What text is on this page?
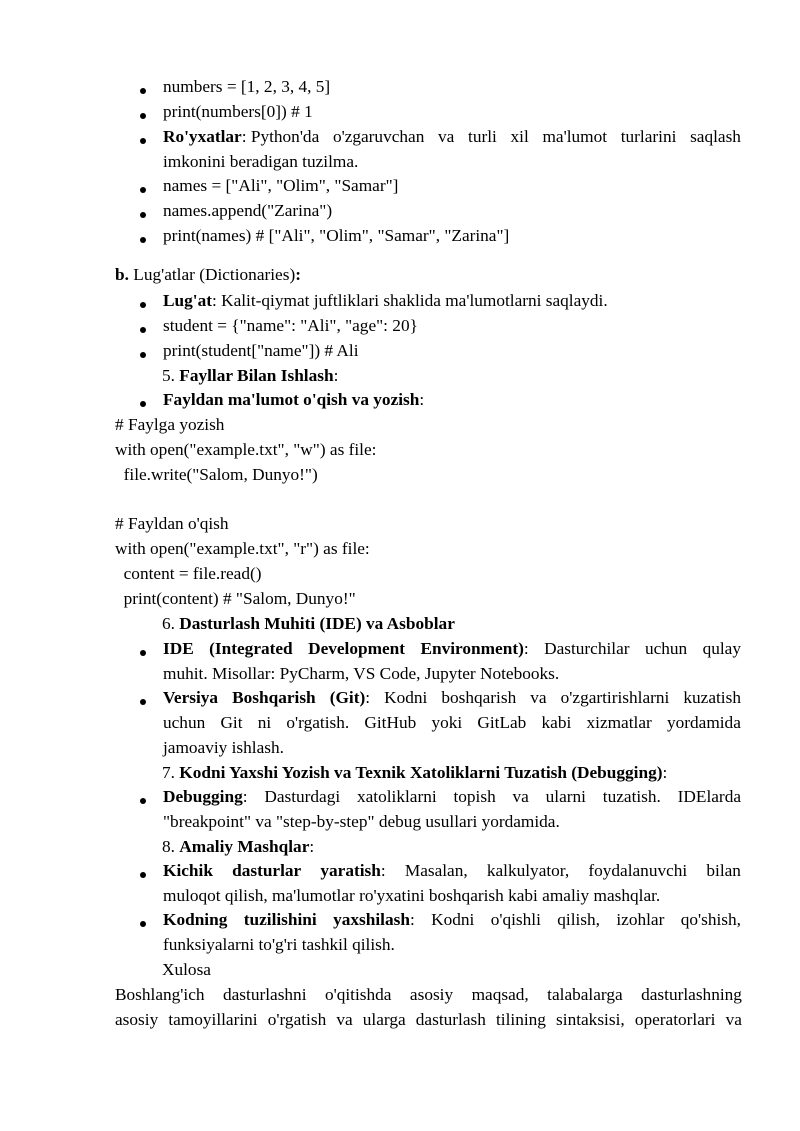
numbers = [1, 2, 3, 4, 5]
print(numbers[0]) # 1
Ro'yxatlar: Python'da o'zgaruvchan va turli xil ma'lumot turlarini saqlash
imkonini beradigan tuzilma.
names = ["Ali", "Olim", "Samar"]
names.append("Zarina")
print(names) # ["Ali", "Olim", "Samar", "Zarina"]
b. Lug'atlar (Dictionaries):
Lug'at: Kalit-qiymat juftliklari shaklida ma'lumotlarni saqlaydi.
student = {"name": "Ali", "age": 20}
print(student["name"]) # Ali
5. Fayllar Bilan Ishlash:
Fayldan ma'lumot o'qish va yozish:
# Faylga yozish
with open("example.txt", "w") as file:
file.write("Salom, Dunyo!")
# Fayldan o'qish
with open("example.txt", "r") as file:
content = file.read()
print(content) # "Salom, Dunyo!"
6. Dasturlash Muhiti (IDE) va Asboblar
IDE (Integrated Development Environment): Dasturchilar uchun qulay
muhit. Misollar: PyCharm, VS Code, Jupyter Notebooks.
Versiya Boshqarish (Git): Kodni boshqarish va o'zgartirishlarni kuzatish
uchun Git ni o'rgatish. GitHub yoki GitLab kabi xizmatlar yordamida
jamoaviy ishlash.
7. Kodni Yaxshi Yozish va Texnik Xatoliklarni Tuzatish (Debugging):
Debugging: Dasturdagi xatoliklarni topish va ularni tuzatish. IDElarda
"breakpoint" va "step-by-step" debug usullari yordamida.
8. Amaliy Mashqlar:
Kichik dasturlar yaratish: Masalan, kalkulyator, foydalanuvchi bilan
muloqot qilish, ma'lumotlar ro'yxatini boshqarish kabi amaliy mashqlar.
Kodning tuzilishini yaxshilash: Kodni o'qishli qilish, izohlar qo'shish,
funksiyalarni to'g'ri tashkil qilish.
Xulosa
Boshlang'ich dasturlashni o'qitishda asosiy maqsad, talabalarga dasturlashning
asosiy tamoyillarini o'rgatish va ularga dasturlash tilining sintaksisi, operatorlari va
